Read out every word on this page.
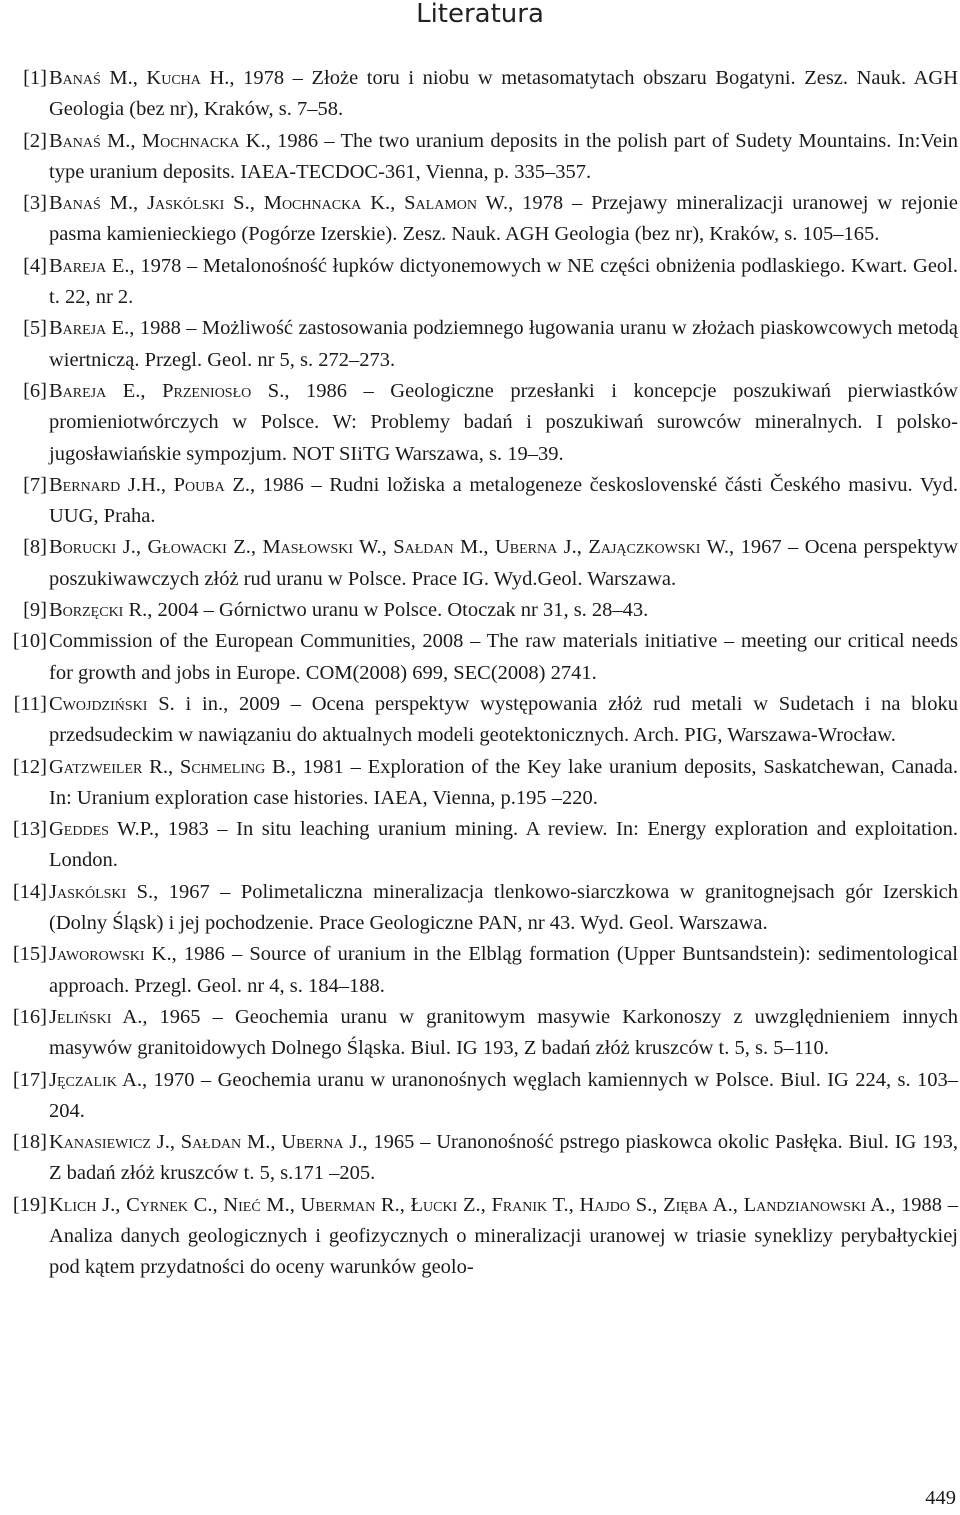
Literatura
[1] Banaś M., Kucha H., 1978 – Złoże toru i niobu w metasomatytach obszaru Bogatyni. Zesz. Nauk. AGH Geologia (bez nr), Kraków, s. 7–58.
[2] Banaś M., Mochnacka K., 1986 – The two uranium deposits in the polish part of Sudety Mountains. In:Vein type uranium deposits. IAEA-TECDOC-361, Vienna, p. 335–357.
[3] Banaś M., Jaskólski S., Mochnacka K., Salamon W., 1978 – Przejawy mineralizacji uranowej w rejonie pasma kamienieckiego (Pogórze Izerskie). Zesz. Nauk. AGH Geologia (bez nr), Kraków, s. 105–165.
[4] Bareja E., 1978 – Metalonośność łupków dictyonemowych w NE części obniżenia podlaskiego. Kwart. Geol. t. 22, nr 2.
[5] Bareja E., 1988 – Możliwość zastosowania podziemnego ługowania uranu w złożach piaskowcowych metodą wiertniczą. Przegl. Geol. nr 5, s. 272–273.
[6] Bareja E., Przeniosło S., 1986 – Geologiczne przesłanki i koncepcje poszukiwań pierwiastków promieniotwórczych w Polsce. W: Problemy badań i poszukiwań surowców mineralnych. I polsko-jugosławiańskie sympozjum. NOT SIiTG Warszawa, s. 19–39.
[7] Bernard J.H., Pouba Z., 1986 – Rudni ložiska a metalogeneze československé části Českého masivu. Vyd. UUG, Praha.
[8] Borucki J., Głowacki Z., Masłowski W., Sałdan M., Uberna J., Zajączkowski W., 1967 – Ocena perspektyw poszukiwawczych złóż rud uranu w Polsce. Prace IG. Wyd.Geol. Warszawa.
[9] Borzęcki R., 2004 – Górnictwo uranu w Polsce. Otoczak nr 31, s. 28–43.
[10] Commission of the European Communities, 2008 – The raw materials initiative – meeting our critical needs for growth and jobs in Europe. COM(2008) 699, SEC(2008) 2741.
[11] Cwojdziński S. i in., 2009 – Ocena perspektyw występowania złóż rud metali w Sudetach i na bloku przedsudeckim w nawiązaniu do aktualnych modeli geotektonicznych. Arch. PIG, Warszawa-Wrocław.
[12] Gatzweiler R., Schmeling B., 1981 – Exploration of the Key lake uranium deposits, Saskatchewan, Canada. In: Uranium exploration case histories. IAEA, Vienna, p.195 –220.
[13] Geddes W.P., 1983 – In situ leaching uranium mining. A review. In: Energy exploration and exploitation. London.
[14] Jaskólski S., 1967 – Polimetaliczna mineralizacja tlenkowo-siarczkowa w granitognejsach gór Izerskich (Dolny Śląsk) i jej pochodzenie. Prace Geologiczne PAN, nr 43. Wyd. Geol. Warszawa.
[15] Jaworowski K., 1986 – Source of uranium in the Elbląg formation (Upper Buntsandstein): sedimentological approach. Przegl. Geol. nr 4, s. 184–188.
[16] Jeliński A., 1965 – Geochemia uranu w granitowym masywie Karkonoszy z uwzględnieniem innych masywów granitoidowych Dolnego Śląska. Biul. IG 193, Z badań złóż kruszców t. 5, s. 5–110.
[17] Jęczalik A., 1970 – Geochemia uranu w uranonośnych węglach kamiennych w Polsce. Biul. IG 224, s. 103–204.
[18] Kanasiewicz J., Sałdan M., Uberna J., 1965 – Uranonośność pstrego piaskowca okolic Pasłęka. Biul. IG 193, Z badań złóż kruszców t. 5, s.171 –205.
[19] Klich J., Cyrnek C., Nieć M., Uberman R., Łucki Z., Franik T., Hajdo S., Zięba A., Landzianowski A., 1988 –Analiza danych geologicznych i geofizycznych o mineralizacji uranowej w triasie syneklizy perybałtyckiej pod kątem przydatności do oceny warunków geolo-
449
